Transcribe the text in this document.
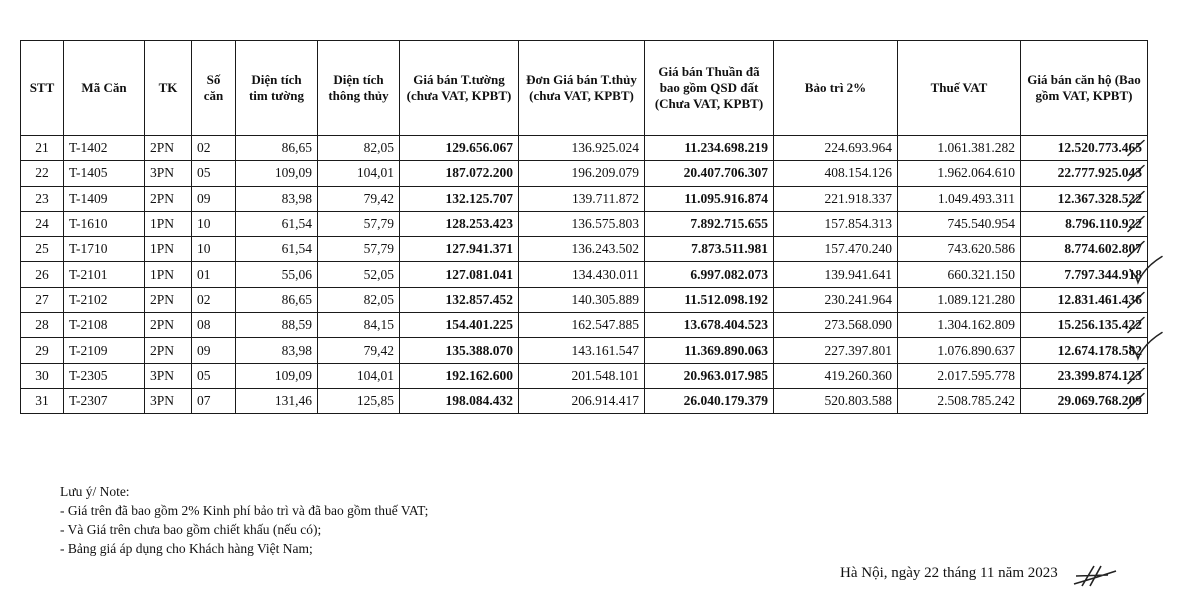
STT	Mã Căn	TK	Số căn	Diện tích tim tường	Diện tích thông thủy	Giá bán T.tường (chưa VAT, KPBT)	Đơn Giá bán T.thủy (chưa VAT, KPBT)	Giá bán Thuần đã bao gồm QSD đất (Chưa VAT, KPBT)	Bảo trì 2%	Thuế VAT	Giá bán căn hộ (Bao gồm VAT, KPBT)
21	T-1402	2PN	02	86,65	82,05	129.656.067	136.925.024	11.234.698.219	224.693.964	1.061.381.282	12.520.773.465
22	T-1405	3PN	05	109,09	104,01	187.072.200	196.209.079	20.407.706.307	408.154.126	1.962.064.610	22.777.925.043
23	T-1409	2PN	09	83,98	79,42	132.125.707	139.711.872	11.095.916.874	221.918.337	1.049.493.311	12.367.328.522
24	T-1610	1PN	10	61,54	57,79	128.253.423	136.575.803	7.892.715.655	157.854.313	745.540.954	8.796.110.922
25	T-1710	1PN	10	61,54	57,79	127.941.371	136.243.502	7.873.511.981	157.470.240	743.620.586	8.774.602.807
26	T-2101	1PN	01	55,06	52,05	127.081.041	134.430.011	6.997.082.073	139.941.641	660.321.150	7.797.344.918
27	T-2102	2PN	02	86,65	82,05	132.857.452	140.305.889	11.512.098.192	230.241.964	1.089.121.280	12.831.461.436
28	T-2108	2PN	08	88,59	84,15	154.401.225	162.547.885	13.678.404.523	273.568.090	1.304.162.809	15.256.135.422
29	T-2109	2PN	09	83,98	79,42	135.388.070	143.161.547	11.369.890.063	227.397.801	1.076.890.637	12.674.178.582
30	T-2305	3PN	05	109,09	104,01	192.162.600	201.548.101	20.963.017.985	419.260.360	2.017.595.778	23.399.874.123
31	T-2307	3PN	07	131,46	125,85	198.084.432	206.914.417	26.040.179.379	520.803.588	2.508.785.242	29.069.768.209
Lưu ý/ Note:
- Giá trên đã bao gồm 2% Kinh phí bảo trì và đã bao gồm thuế VAT;
- Và Giá trên chưa bao gồm chiết khấu (nếu có);
- Bảng giá áp dụng cho Khách hàng Việt Nam;
Hà Nội, ngày 22 tháng 11 năm 2023
